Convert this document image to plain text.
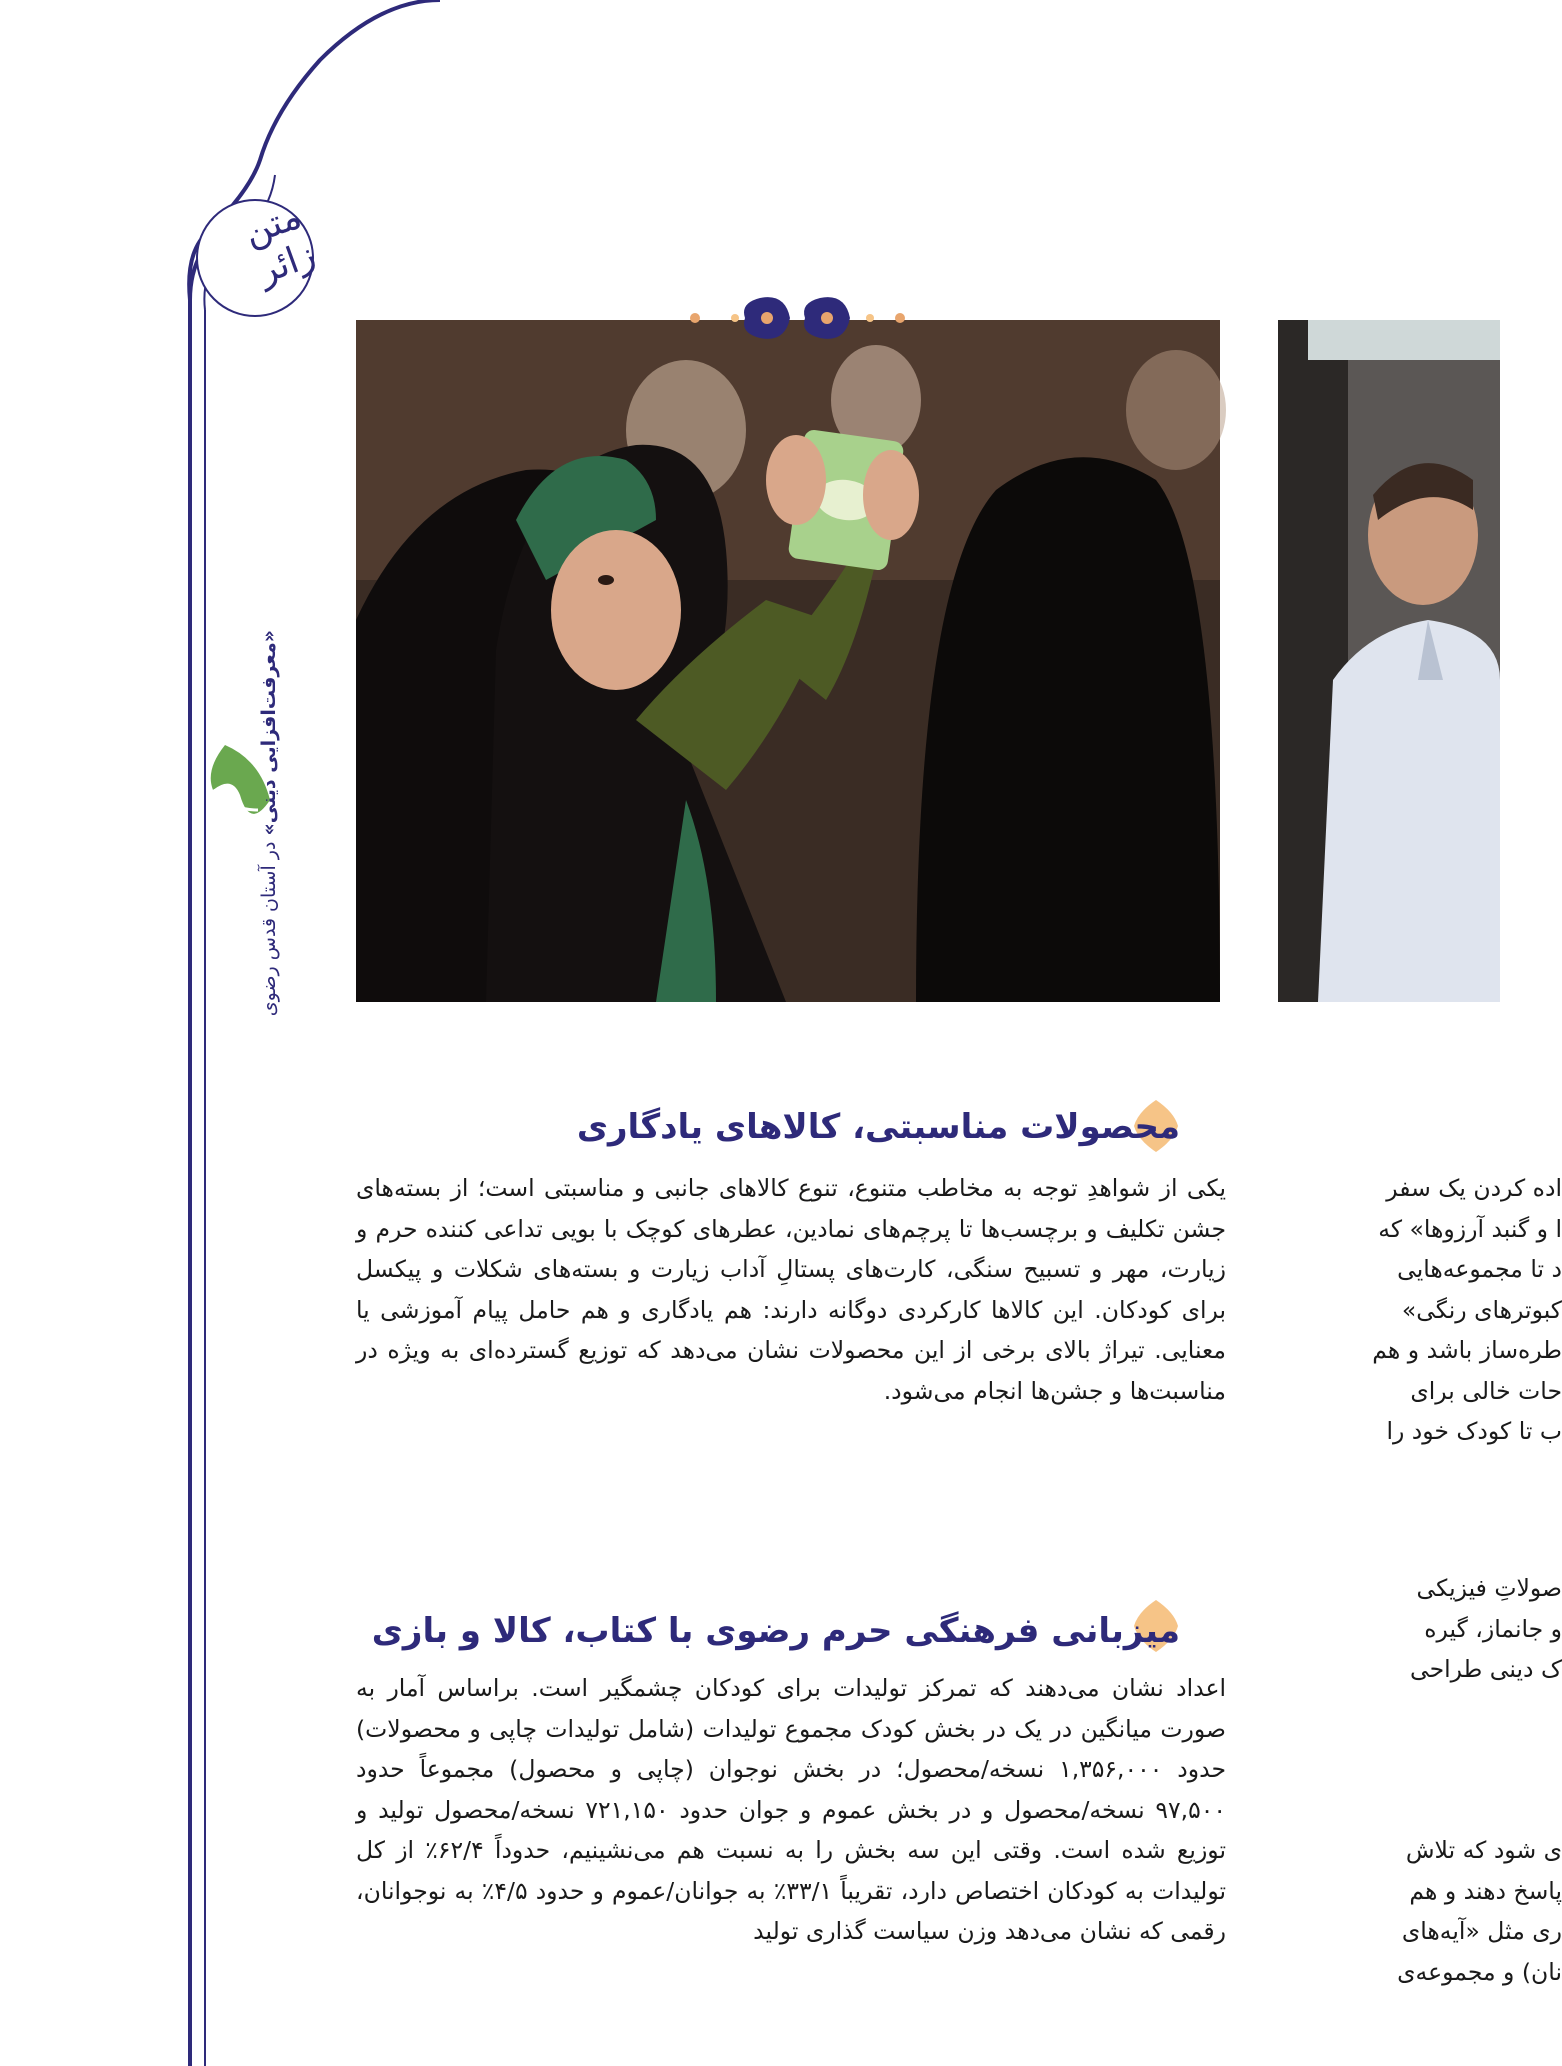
متن زائر
«معرفت‌افزایی دینی» در آستان قدس رضوی
محصولات مناسبتی، کالاهای یادگاری

یکی از شواهدِ توجه به مخاطب متنوع، تنوع کالاهای جانبی و مناسبتی است؛ از بسته‌های جشن تکلیف و برچسب‌ها تا پرچم‌های نمادین، عطرهای کوچک با بویی تداعی کننده حرم و زیارت، مهر و تسبیح سنگی، کارت‌های پستالِ آداب زیارت و بسته‌های شکلات و پیکسل برای کودکان. این کالاها کارکردی دوگانه دارند: هم یادگاری و هم حامل پیام آموزشی یا معنایی. تیراژ بالای برخی از این محصولات نشان می‌دهد که توزیع گسترده‌ای به ویژه در مناسبت‌ها و جشن‌ها انجام می‌شود.

میزبانی فرهنگی حرم رضوی با کتاب، کالا و بازی

اعداد نشان می‌دهند که تمرکز تولیدات برای کودکان چشمگیر است. براساس آمار به صورت میانگین در یک در بخش کودک مجموع تولیدات (شامل تولیدات چاپی و محصولات) حدود ۱,۳۵۶,۰۰۰ نسخه/محصول؛ در بخش نوجوان (چاپی و محصول) مجموعاً حدود ۹۷,۵۰۰ نسخه/محصول و در بخش عموم و جوان حدود ۷۲۱,۱۵۰ نسخه/محصول تولید و توزیع شده است. وقتی این سه بخش را به نسبت هم می‌نشینیم، حدوداً ۶۲/۴٪ از کل تولیدات به کودکان اختصاص دارد، تقریباً ۳۳/۱٪ به جوانان/عموم و حدود ۴/۵٪ به نوجوانان، رقمی که نشان می‌دهد وزن سیاست گذاری تولید

اده کردن یک سفر
ا و گنبد آرزوها» که
د تا مجموعه‌هایی
کبوترهای رنگی»
طره‌ساز باشد و هم
حات خالی برای
ب تا کودک خود را
صولاتِ فیزیکی
و جانماز، گیره
ک دینی طراحی
ی شود که تلاش
پاسخ دهند و هم
ری مثل «آیه‌های
نان) و مجموعه‌ی
